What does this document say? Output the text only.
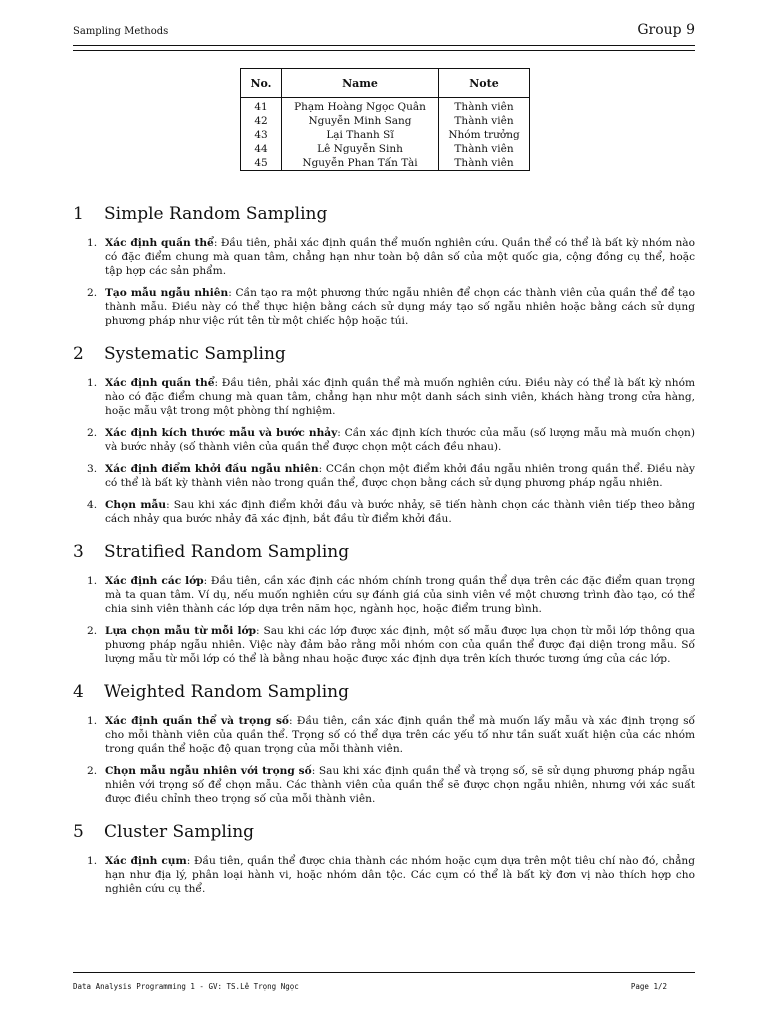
Sampling Methods	Group 9
No.	Name	Note
41	Phạm Hoàng Ngọc Quân	Thành viên
42	Nguyễn Minh Sang	Thành viên
43	Lại Thanh Sĩ	Nhóm trưởng
44	Lê Nguyễn Sinh	Thành viên
45	Nguyễn Phan Tấn Tài	Thành viên
1 Simple Random Sampling
1. Xác định quần thể: Đầu tiên, phải xác định quần thể muốn nghiên cứu. Quần thể có thể là bất kỳ nhóm nào có đặc điểm chung mà quan tâm, chẳng hạn như toàn bộ dân số của một quốc gia, cộng đồng cụ thể, hoặc tập hợp các sản phẩm.
2. Tạo mẫu ngẫu nhiên: Cần tạo ra một phương thức ngẫu nhiên để chọn các thành viên của quần thể để tạo thành mẫu. Điều này có thể thực hiện bằng cách sử dụng máy tạo số ngẫu nhiên hoặc bằng cách sử dụng phương pháp như việc rút tên từ một chiếc hộp hoặc túi.
2 Systematic Sampling
1. Xác định quần thể: Đầu tiên, phải xác định quần thể mà muốn nghiên cứu. Điều này có thể là bất kỳ nhóm nào có đặc điểm chung mà quan tâm, chẳng hạn như một danh sách sinh viên, khách hàng trong cửa hàng, hoặc mẫu vật trong một phòng thí nghiệm.
2. Xác định kích thước mẫu và bước nhảy: Cần xác định kích thước của mẫu (số lượng mẫu mà muốn chọn) và bước nhảy (số thành viên của quần thể được chọn một cách đều nhau).
3. Xác định điểm khởi đầu ngẫu nhiên: CCần chọn một điểm khởi đầu ngẫu nhiên trong quần thể. Điều này có thể là bất kỳ thành viên nào trong quần thể, được chọn bằng cách sử dụng phương pháp ngẫu nhiên.
4. Chọn mẫu: Sau khi xác định điểm khởi đầu và bước nhảy, sẽ tiến hành chọn các thành viên tiếp theo bằng cách nhảy qua bước nhảy đã xác định, bắt đầu từ điểm khởi đầu.
3 Stratified Random Sampling
1. Xác định các lớp: Đầu tiên, cần xác định các nhóm chính trong quần thể dựa trên các đặc điểm quan trọng mà ta quan tâm. Ví dụ, nếu muốn nghiên cứu sự đánh giá của sinh viên về một chương trình đào tạo, có thể chia sinh viên thành các lớp dựa trên năm học, ngành học, hoặc điểm trung bình.
2. Lựa chọn mẫu từ mỗi lớp: Sau khi các lớp được xác định, một số mẫu được lựa chọn từ mỗi lớp thông qua phương pháp ngẫu nhiên. Việc này đảm bảo rằng mỗi nhóm con của quần thể được đại diện trong mẫu. Số lượng mẫu từ mỗi lớp có thể là bằng nhau hoặc được xác định dựa trên kích thước tương ứng của các lớp.
4 Weighted Random Sampling
1. Xác định quần thể và trọng số: Đầu tiên, cần xác định quần thể mà muốn lấy mẫu và xác định trọng số cho mỗi thành viên của quần thể. Trọng số có thể dựa trên các yếu tố như tần suất xuất hiện của các nhóm trong quần thể hoặc độ quan trọng của mỗi thành viên.
2. Chọn mẫu ngẫu nhiên với trọng số: Sau khi xác định quần thể và trọng số, sẽ sử dụng phương pháp ngẫu nhiên với trọng số để chọn mẫu. Các thành viên của quần thể sẽ được chọn ngẫu nhiên, nhưng với xác suất được điều chỉnh theo trọng số của mỗi thành viên.
5 Cluster Sampling
1. Xác định cụm: Đầu tiên, quần thể được chia thành các nhóm hoặc cụm dựa trên một tiêu chí nào đó, chẳng hạn như địa lý, phân loại hành vi, hoặc nhóm dân tộc. Các cụm có thể là bất kỳ đơn vị nào thích hợp cho nghiên cứu cụ thể.
Data Analysis Programming 1 - GV: TS.Lê Trọng Ngọc	Page 1/2
